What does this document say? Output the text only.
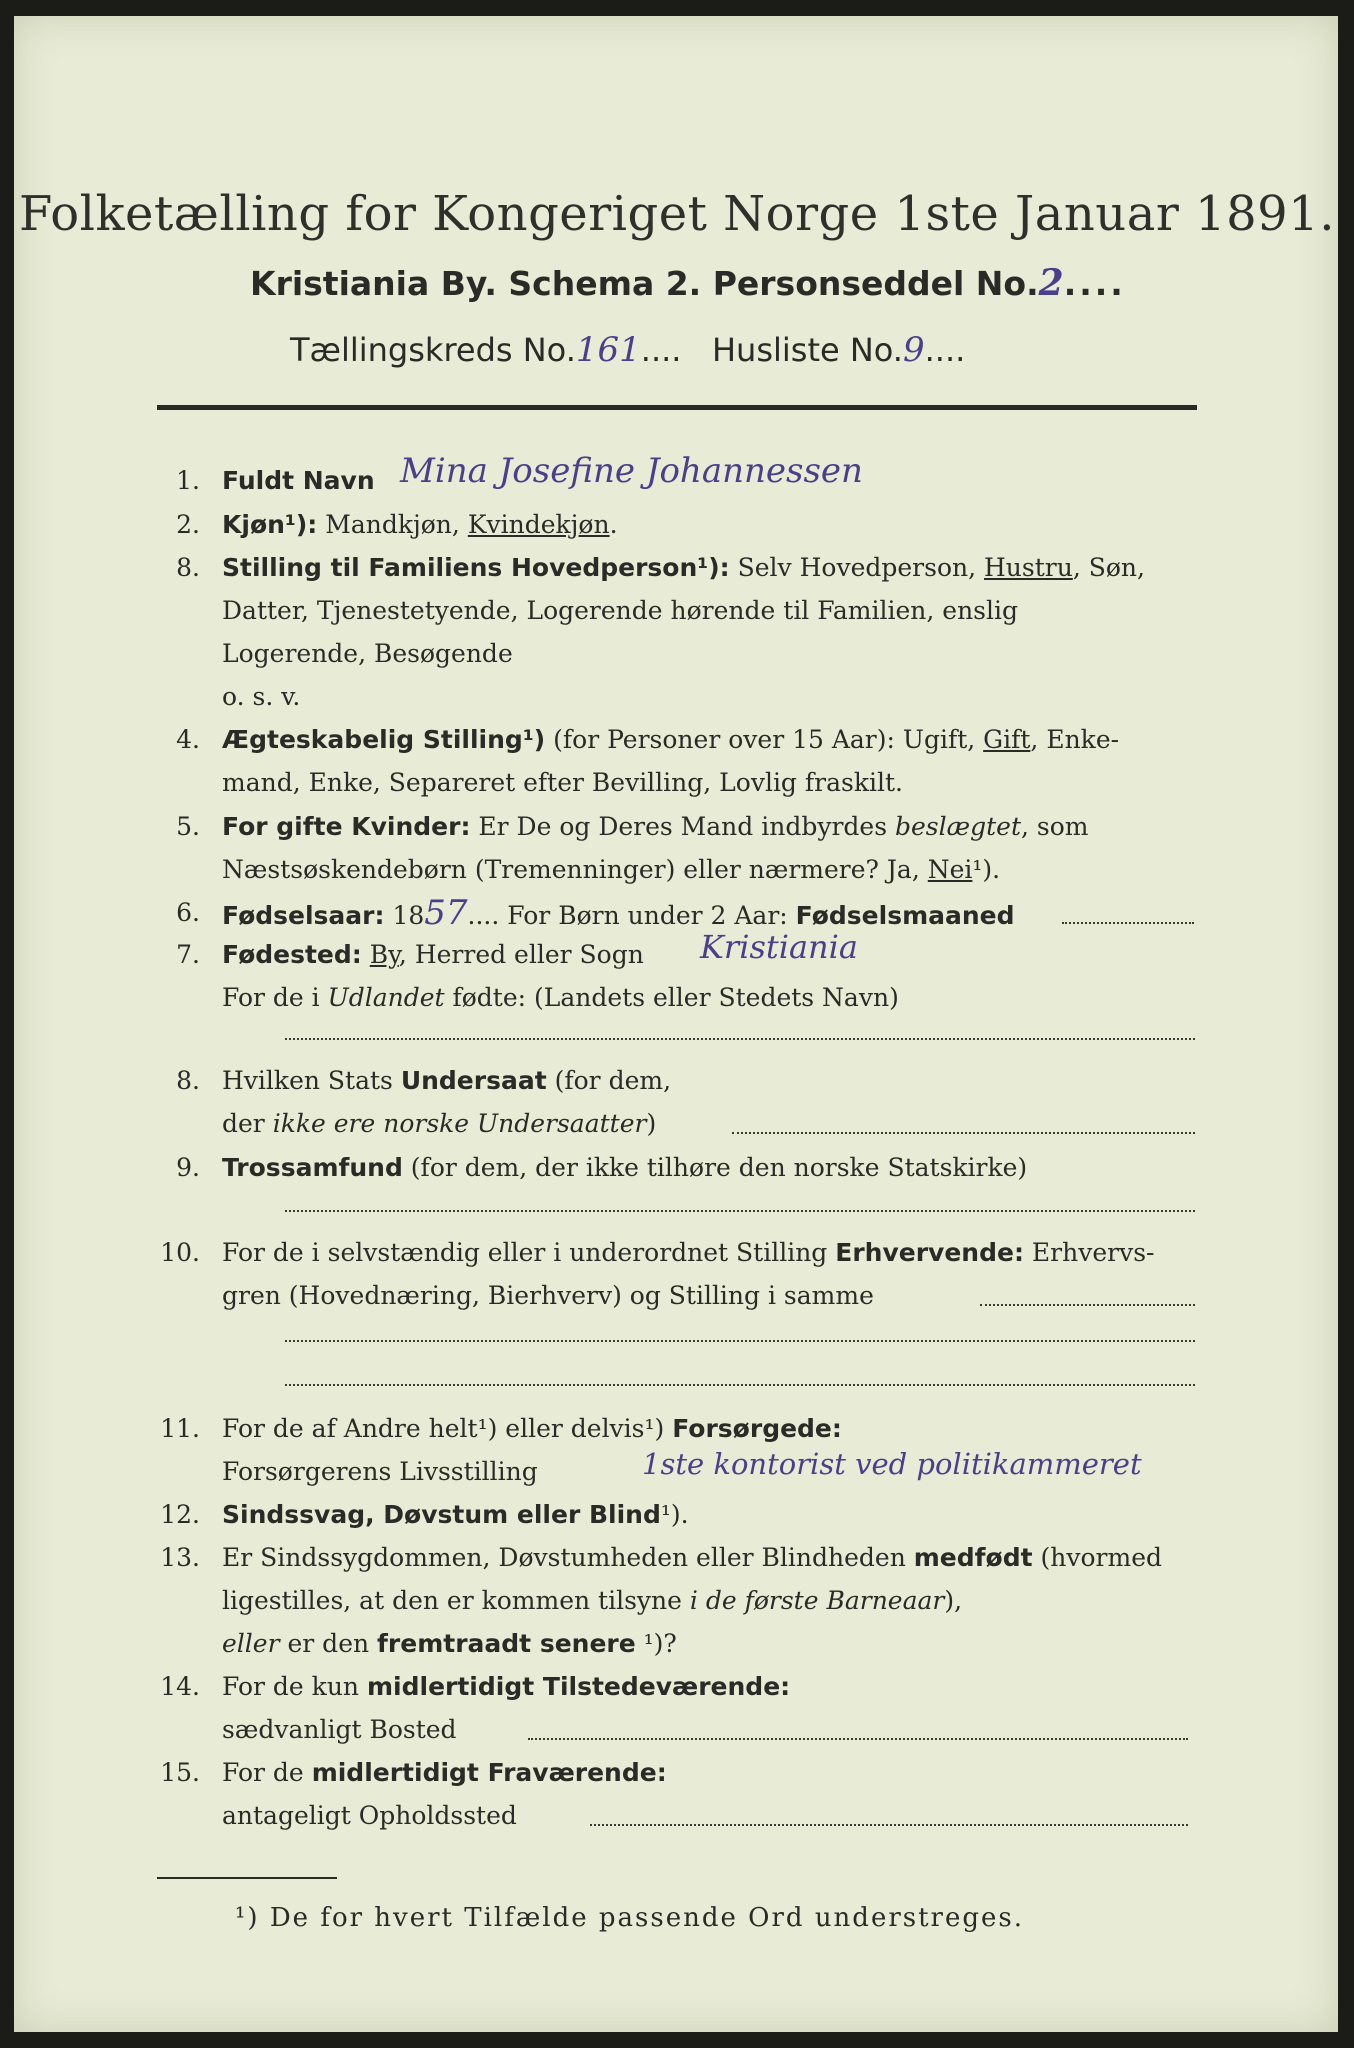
Folketælling for Kongeriget Norge 1ste Januar 1891.
Kristiania By. Schema 2. Personseddel No.2....
Tællingskreds No.161....   Husliste No.9....
1. Fuldt Navn Mina Josefine Johannessen
2. Kjøn¹): Mandkjøn, Kvindekjøn.
8. Stilling til Familiens Hovedperson¹): Selv Hovedperson, Hustru, Søn,
Datter, Tjenestetyende, Logerende hørende til Familien, enslig
Logerende, Besøgende
o. s. v.
4. Ægteskabelig Stilling¹) (for Personer over 15 Aar): Ugift, Gift, Enke-
mand, Enke, Separeret efter Bevilling, Lovlig fraskilt.
5. For gifte Kvinder: Er De og Deres Mand indbyrdes beslægtet, som
Næstsøskendebørn (Tremenninger) eller nærmere? Ja, Nei¹).
6. Fødselsaar: 1857.... For Børn under 2 Aar: Fødselsmaaned
7. Fødested: By, Herred eller Sogn Kristiania
For de i Udlandet fødte: (Landets eller Stedets Navn)
8. Hvilken Stats Undersaat (for dem,
der ikke ere norske Undersaatter)
9. Trossamfund (for dem, der ikke tilhøre den norske Statskirke)
10. For de i selvstændig eller i underordnet Stilling Erhvervende: Erhvervs-
gren (Hovednæring, Bierhverv) og Stilling i samme
11. For de af Andre helt¹) eller delvis¹) Forsørgede:
Forsørgerens Livsstilling	1ste kontorist ved politikammeret
12. Sindssvag, Døvstum eller Blind¹).
13. Er Sindssygdommen, Døvstumheden eller Blindheden medfødt (hvormed
ligestilles, at den er kommen tilsyne i de første Barneaar),
eller er den fremtraadt senere ¹)?
14. For de kun midlertidigt Tilstedeværende:
sædvanligt Bosted
15. For de midlertidigt Fraværende:
antageligt Opholdssted
¹) De for hvert Tilfælde passende Ord understreges.
